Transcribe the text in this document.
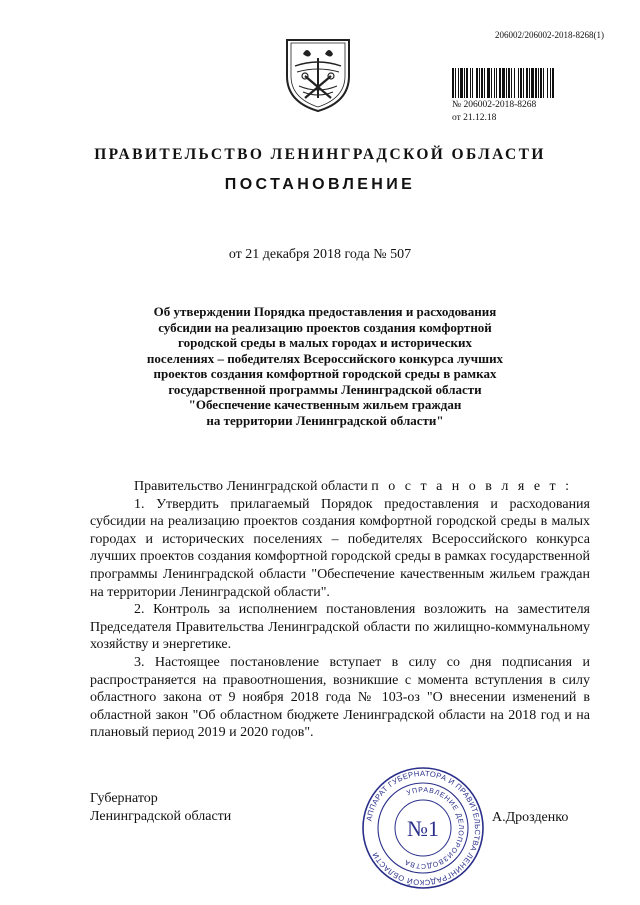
206002/206002-2018-8268(1)
№ 206002-2018-8268
от 21.12.18
ПРАВИТЕЛЬСТВО ЛЕНИНГРАДСКОЙ ОБЛАСТИ
ПОСТАНОВЛЕНИЕ
от 21 декабря 2018 года № 507
Об утверждении Порядка предоставления и расходования
субсидии на реализацию проектов создания комфортной
городской среды в малых городах и исторических
поселениях – победителях Всероссийского конкурса лучших
проектов создания комфортной городской среды в рамках
государственной программы Ленинградской области
"Обеспечение качественным жильем граждан
на территории Ленинградской области"

Правительство Ленинградской области п о с т а н о в л я е т :

1. Утвердить прилагаемый Порядок предоставления и расходования субсидии на реализацию проектов создания комфортной городской среды в малых городах и исторических поселениях – победителях Всероссийского конкурса лучших проектов создания комфортной городской среды в рамках государственной программы Ленинградской области "Обеспечение качественным жильем граждан на территории Ленинградской области".

2. Контроль за исполнением постановления возложить на заместителя Председателя Правительства Ленинградской области по жилищно-коммунальному хозяйству и энергетике.

3. Настоящее постановление вступает в силу со дня подписания и распространяется на правоотношения, возникшие с момента вступления в силу областного закона от 9 ноября 2018 года № 103-оз "О внесении изменений в областной закон "Об областном бюджете Ленинградской области на 2018 год и на плановый период 2019 и 2020 годов".

Губернатор
Ленинградской области	А.Дрозденко
АППАРАТ ГУБЕРНАТОРА И ПРАВИТЕЛЬСТВА ЛЕНИНГРАДСКОЙ ОБЛАСТИ
УПРАВЛЕНИЕ ДЕЛОПРОИЗВОДСТВА
№1
